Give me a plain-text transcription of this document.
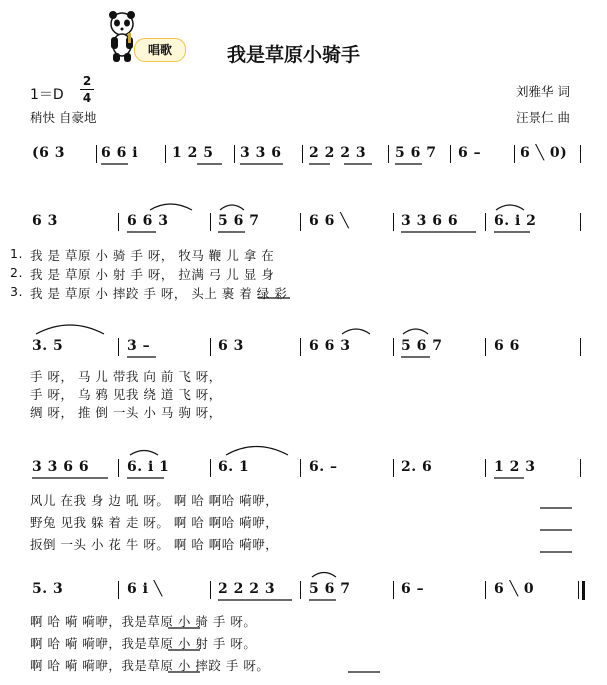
唱歌	我是草原小骑手
1＝D
2
4
稍快 自豪地
刘雅华 词
汪景仁 曲
(6 3	6 6 i 1 2 5 3 3 6 2 2 2 3 5 6 7 6 –	6 ╲ 0)
6 3	6 6 3	5 6 7	6 6 ╲	3 3 6 6	6. i 2
1.
2.
3.
我 是 草原 小 骑 手 呀， 牧马 鞭 儿 拿 在
我 是 草原 小 射 手 呀， 拉满 弓 儿 显 身
我 是 草原 小 摔跤 手 呀， 头上 裹 着 绿 彩
3. 5	3 –	6 3	6 6 3	5 6 7	6 6
手 呀， 马 儿 带我 向 前 飞 呀，
手 呀， 乌 鸦 见我 绕 道 飞 呀，
绸 呀， 推 倒 一头 小 马 驹 呀，
3 3 6 6	6. i 1	6. 1	6. –	2. 6	1 2 3
风儿 在我 身 边 吼 呀。 啊 哈 啊哈 嗬咿，
野兔 见我 躲 着 走 呀。 啊 哈 啊哈 嗬咿，
扳倒 一头 小 花 牛 呀。 啊 哈 啊哈 嗬咿，
5. 3	6 i ╲	2 2 2 3 5 6 7	6 –	6 ╲ 0
啊 哈 嗬 嗬咿，我是草原 小 骑 手 呀。
啊 哈 嗬 嗬咿，我是草原 小 射 手 呀。
啊 哈 嗬 嗬咿，我是草原 小 摔跤 手 呀。
